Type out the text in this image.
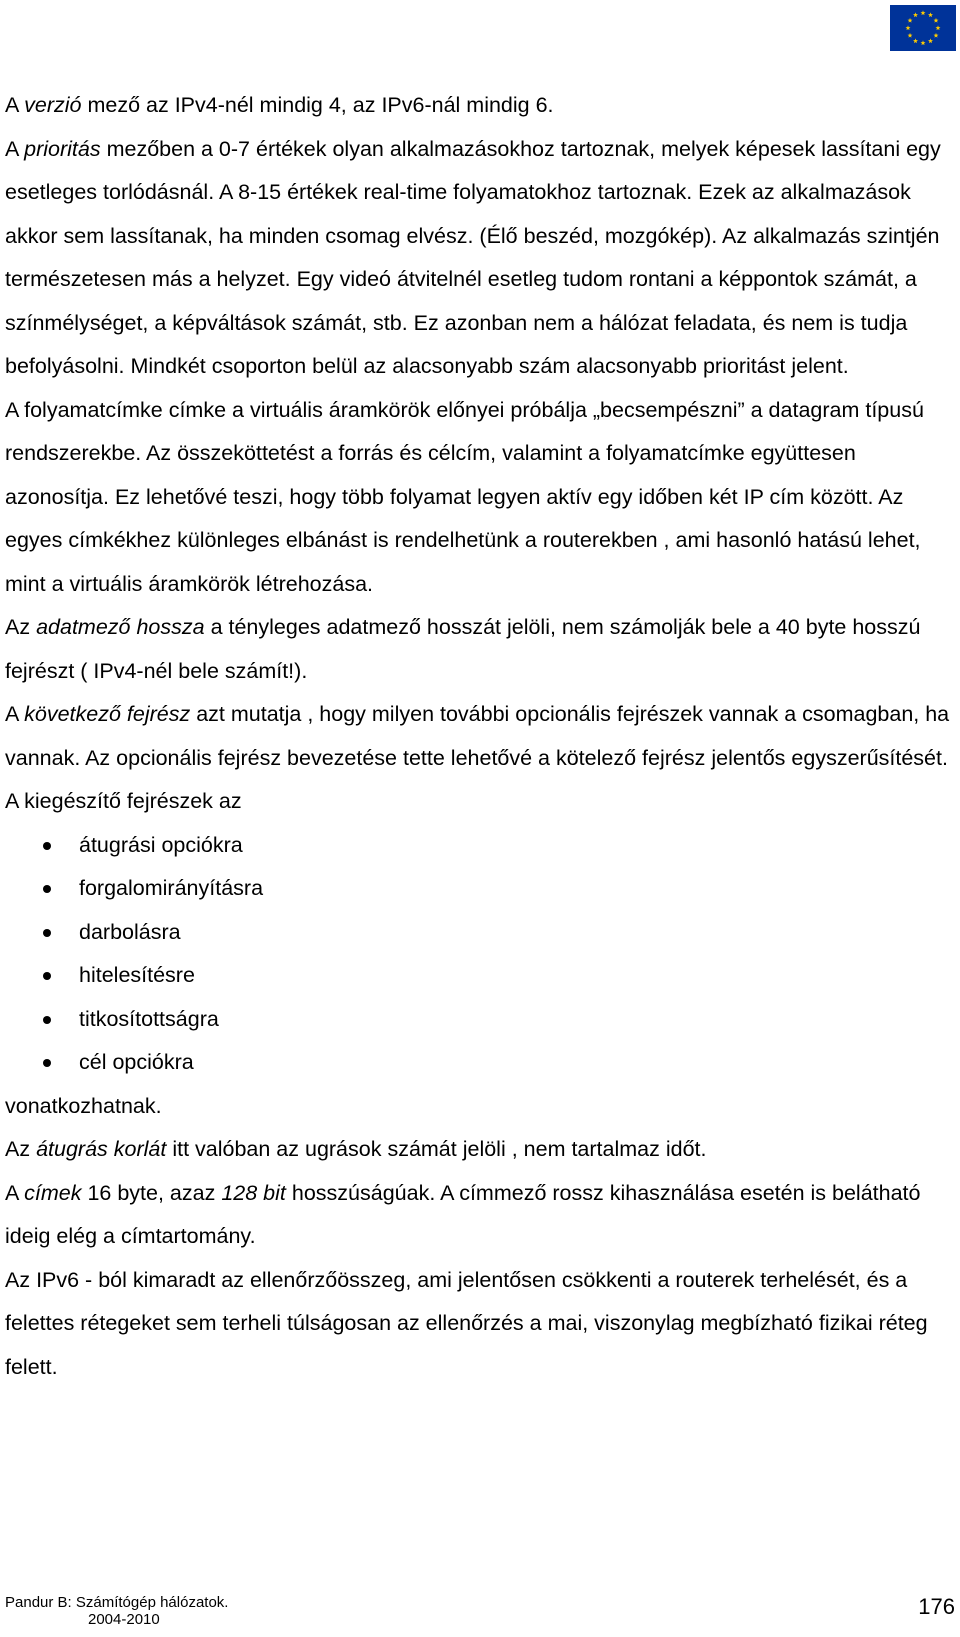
A verzió mező az IPv4-nél mindig 4, az IPv6-nál mindig 6.

A prioritás mezőben a 0-7 értékek olyan alkalmazásokhoz tartoznak, melyek képesek lassítani egy esetleges torlódásnál. A 8-15 értékek real-time folyamatokhoz tartoznak. Ezek az alkalmazások akkor sem lassítanak, ha minden csomag elvész. (Élő beszéd, mozgókép). Az alkalmazás szintjén természetesen más a helyzet. Egy videó átvitelnél esetleg tudom rontani a képpontok számát, a színmélységet, a képváltások számát, stb. Ez azonban nem a hálózat feladata, és nem is tudja befolyásolni. Mindkét csoporton belül az alacsonyabb szám alacsonyabb prioritást jelent.

A folyamatcímke címke a virtuális áramkörök előnyei próbálja „becsempészni” a datagram típusú rendszerekbe. Az összeköttetést a forrás és célcím, valamint a folyamatcímke együttesen azonosítja. Ez lehetővé teszi, hogy több folyamat legyen aktív egy időben két IP cím között. Az egyes címkékhez különleges elbánást is rendelhetünk a routerekben , ami hasonló hatású lehet, mint a virtuális áramkörök létrehozása.

Az adatmező hossza a tényleges adatmező hosszát jelöli, nem számolják bele a 40 byte hosszú fejrészt ( IPv4-nél bele számít!).

A következő fejrész azt mutatja , hogy milyen további opcionális fejrészek vannak a csomagban, ha vannak. Az opcionális fejrész bevezetése tette lehetővé a kötelező fejrész jelentős egyszerűsítését. A kiegészítő fejrészek az

átugrási opciókra
forgalomirányításra
darbolásra
hitelesítésre
titkosítottságra
cél opciókra

vonatkozhatnak.

Az átugrás korlát itt valóban az ugrások számát jelöli , nem tartalmaz időt.

A címek 16 byte, azaz 128 bit hosszúságúak. A címmező rossz kihasználása esetén is belátható ideig elég a címtartomány.

Az IPv6 - ból kimaradt az ellenőrzőösszeg, ami jelentősen csökkenti a routerek terhelését, és a felettes rétegeket sem terheli túlságosan az ellenőrzés a mai, viszonylag megbízható fizikai réteg felett.

Pandur B: Számítógép hálózatok.
2004-2010
176
